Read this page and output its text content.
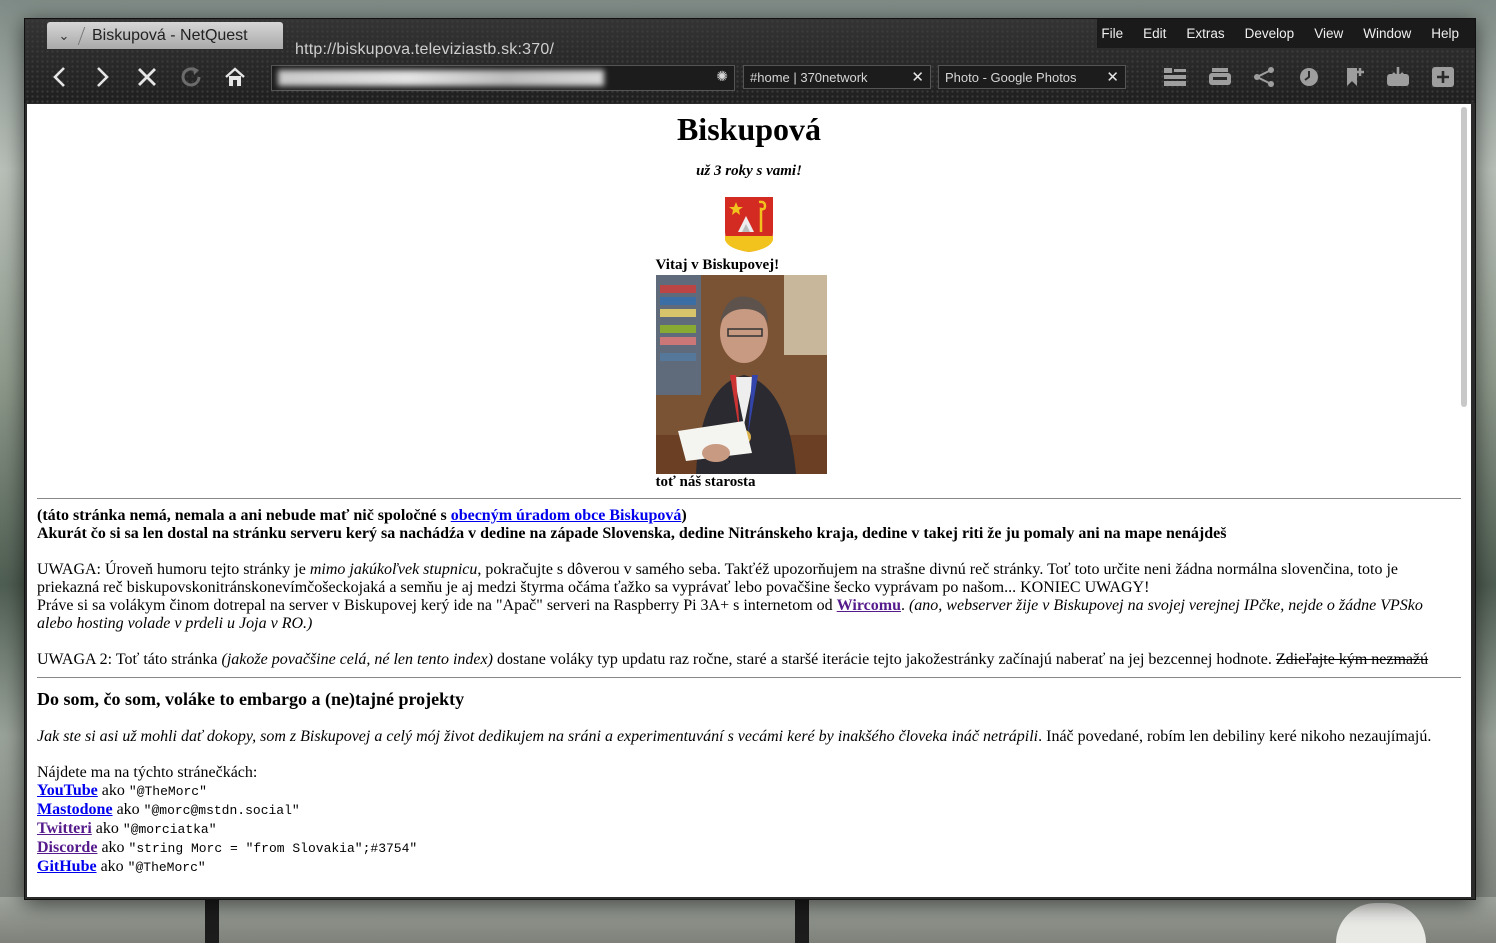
⌄	Biskupová - NetQuest	File Edit Extras Develop View Window Help
http://biskupova.televiziastb.sk:370/
✺ #home | 370network	✕ Photo - Google Photos	✕
Biskupová

už 3 roky s vami!

Vitaj v Biskupovej!
toť náš starosta

(táto stránka nemá, nemala a ani nebude mať nič spoločné s obecným úradom obce Biskupová)
Akurát čo si sa len dostal na stránku serveru kerý sa nachádźa v dedine na západe Slovenska, dedine Nitránskeho kraja, dedine v takej riti že ju pomaly ani na mape nenájdeš

UWAGA: Úroveň humoru tejto stránky je mimo jakúkoľvek stupnicu, pokračujte s dôverou v samého seba. Takťéž upozorňujem na strašne divnú reč stránky. Toť toto určite neni žádna normálna slovenčina, toto je priekazná reč biskupovskonitránskonevímčošeckojaká a semňu je aj medzi štyrma očáma ťažko sa vyprávať lebo povačšine šecko vyprávam po našom... KONIEC UWAGY!
Práve si sa volákym činom dotrepal na server v Biskupovej kerý ide na "Apač" serveri na Raspberry Pi 3A+ s internetom od Wircomu. (ano, webserver žije v Biskupovej na svojej verejnej IPčke, nejde o žádne VPSko alebo hosting volade v prdeli u Joja v RO.)

UWAGA 2: Toť táto stránka (jakože povačšine celá, né len tento index) dostane voláky typ updatu raz ročne, staré a staršé iterácie tejto jakožestránky začínajú naberať na jej bezcennej hodnote. Zdieľajte kým nezmažú

Do som, čo som, voláke to embargo a (ne)tajné projekty

Jak ste si asi už mohli dať dokopy, som z Biskupovej a celý mój život dedikujem na sráni a experimentuvání s vecámi keré by inakšého človeka ináč netrápili. Ináč povedané, robím len debiliny keré nikoho nezaujímajú.

Nájdete ma na týchto stránečkách:
YouTube ako "@TheMorc"
Mastodone ako "@morc@mstdn.social"
Twitteri ako "@morciatka"
Discorde ako "string Morc = "from Slovakia";#3754"
GitHube ako "@TheMorc"
